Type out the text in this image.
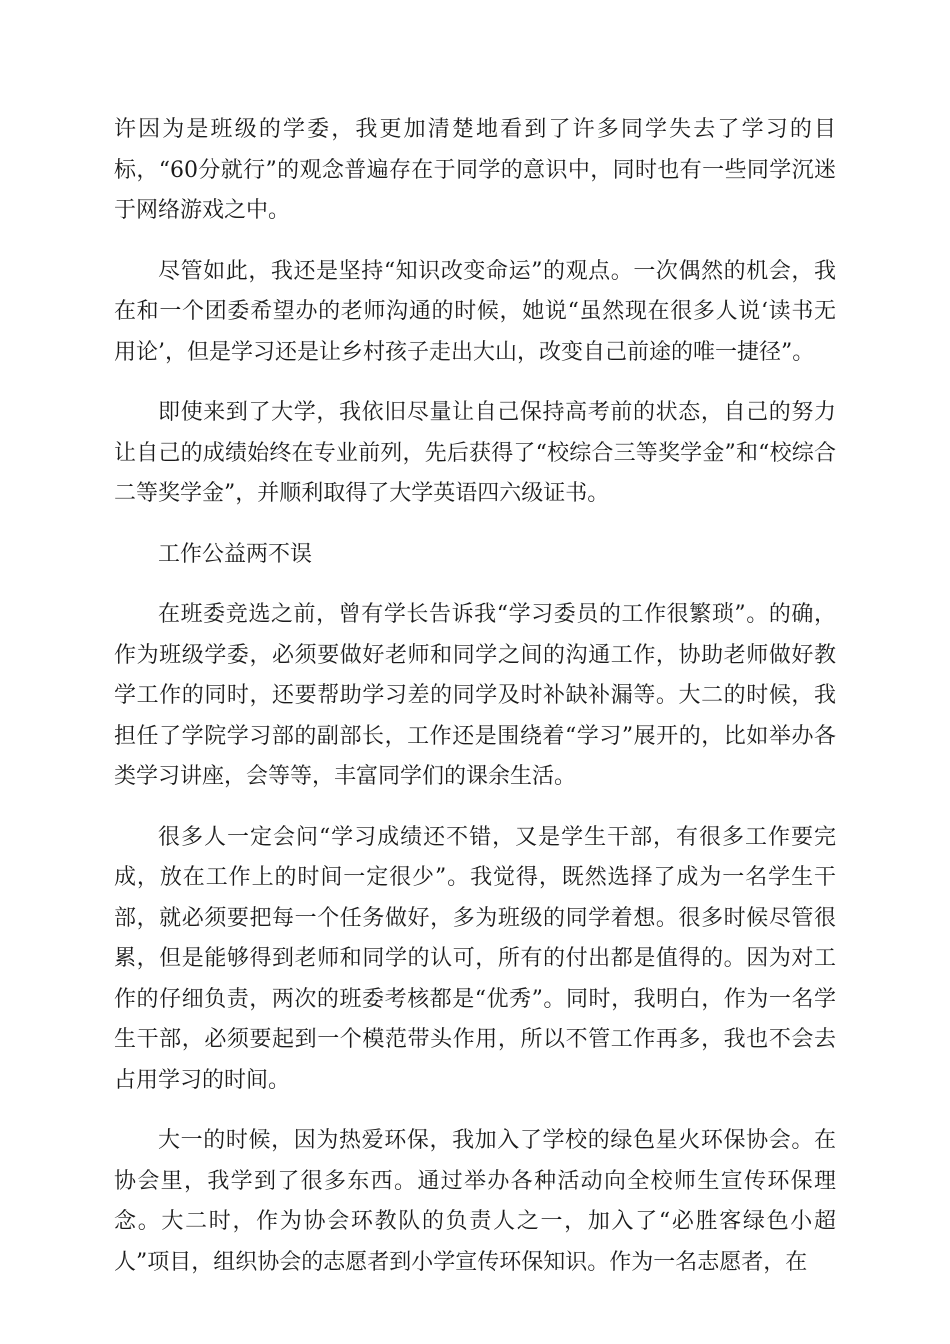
许因为是班级的学委，我更加清楚地看到了许多同学失去了学习的目标，“60分就行”的观念普遍存在于同学的意识中，同时也有一些同学沉迷于网络游戏之中。

尽管如此，我还是坚持“知识改变命运”的观点。一次偶然的机会，我在和一个团委希望办的老师沟通的时候，她说“虽然现在很多人说‘读书无用论’，但是学习还是让乡村孩子走出大山，改变自己前途的唯一捷径”。

即使来到了大学，我依旧尽量让自己保持高考前的状态，自己的努力让自己的成绩始终在专业前列，先后获得了“校综合三等奖学金”和“校综合二等奖学金”，并顺利取得了大学英语四六级证书。

工作公益两不误

在班委竞选之前，曾有学长告诉我“学习委员的工作很繁琐”。的确，作为班级学委，必须要做好老师和同学之间的沟通工作，协助老师做好教学工作的同时，还要帮助学习差的同学及时补缺补漏等。大二的时候，我担任了学院学习部的副部长，工作还是围绕着“学习”展开的，比如举办各类学习讲座，会等等，丰富同学们的课余生活。

很多人一定会问“学习成绩还不错，又是学生干部，有很多工作要完成，放在工作上的时间一定很少”。我觉得，既然选择了成为一名学生干部，就必须要把每一个任务做好，多为班级的同学着想。很多时候尽管很累，但是能够得到老师和同学的认可，所有的付出都是值得的。因为对工作的仔细负责，两次的班委考核都是“优秀”。同时，我明白，作为一名学生干部，必须要起到一个模范带头作用，所以不管工作再多，我也不会去占用学习的时间。

大一的时候，因为热爱环保，我加入了学校的绿色星火环保协会。在协会里，我学到了很多东西。通过举办各种活动向全校师生宣传环保理念。大二时，作为协会环教队的负责人之一，加入了“必胜客绿色小超人”项目，组织协会的志愿者到小学宣传环保知识。作为一名志愿者，在
